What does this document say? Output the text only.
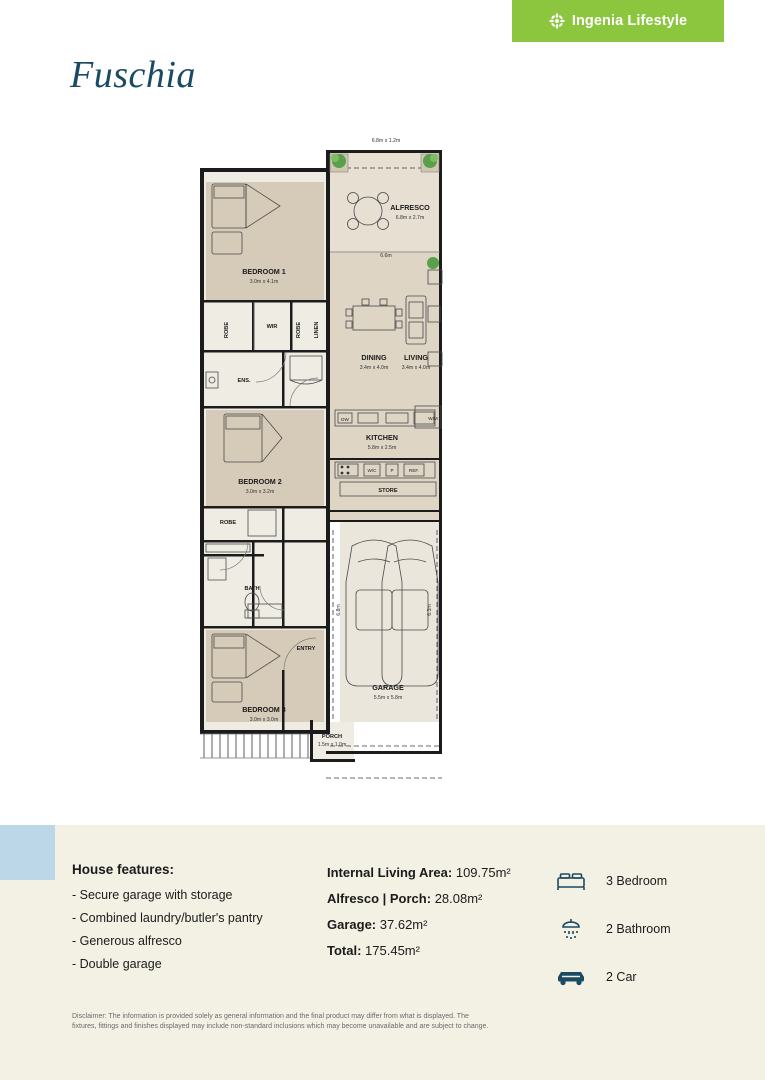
Ingenia Lifestyle
Fuschia
6.8m x 1.2m
ALFRESCO
6.8m x 2.7m
6.6m
DINING
3.4m x 4.0m
LIVING
3.4m x 4.0m
DW
KITCHEN
5.8m x 2.5m
W/M
W/C	P	REF.
STORE
GARAGE
5.5m x 5.8m
6.8m	6.3m
BEDROOM 1
3.0m x 4.1m
ROBE	WIR	ROBE LINEN
ENS.
BEDROOM 2
3.0m x 3.2m
ROBE
BATH
ENTRY
PORCH
1.5m x 1.0m
BEDROOM 3
3.0m x 3.0m
House features:
- Secure garage with storage
- Combined laundry/butler's pantry
- Generous alfresco
- Double garage
Internal Living Area: 109.75m²
Alfresco | Porch: 28.08m²
Garage: 37.62m²
Total: 175.45m²
3 Bedroom
2 Bathroom
2 Car
Disclaimer: The information is provided solely as general information and the final product may differ from what is displayed. The fixtures, fittings and finishes displayed may include non-standard inclusions which may become unavailable and are subject to change.
